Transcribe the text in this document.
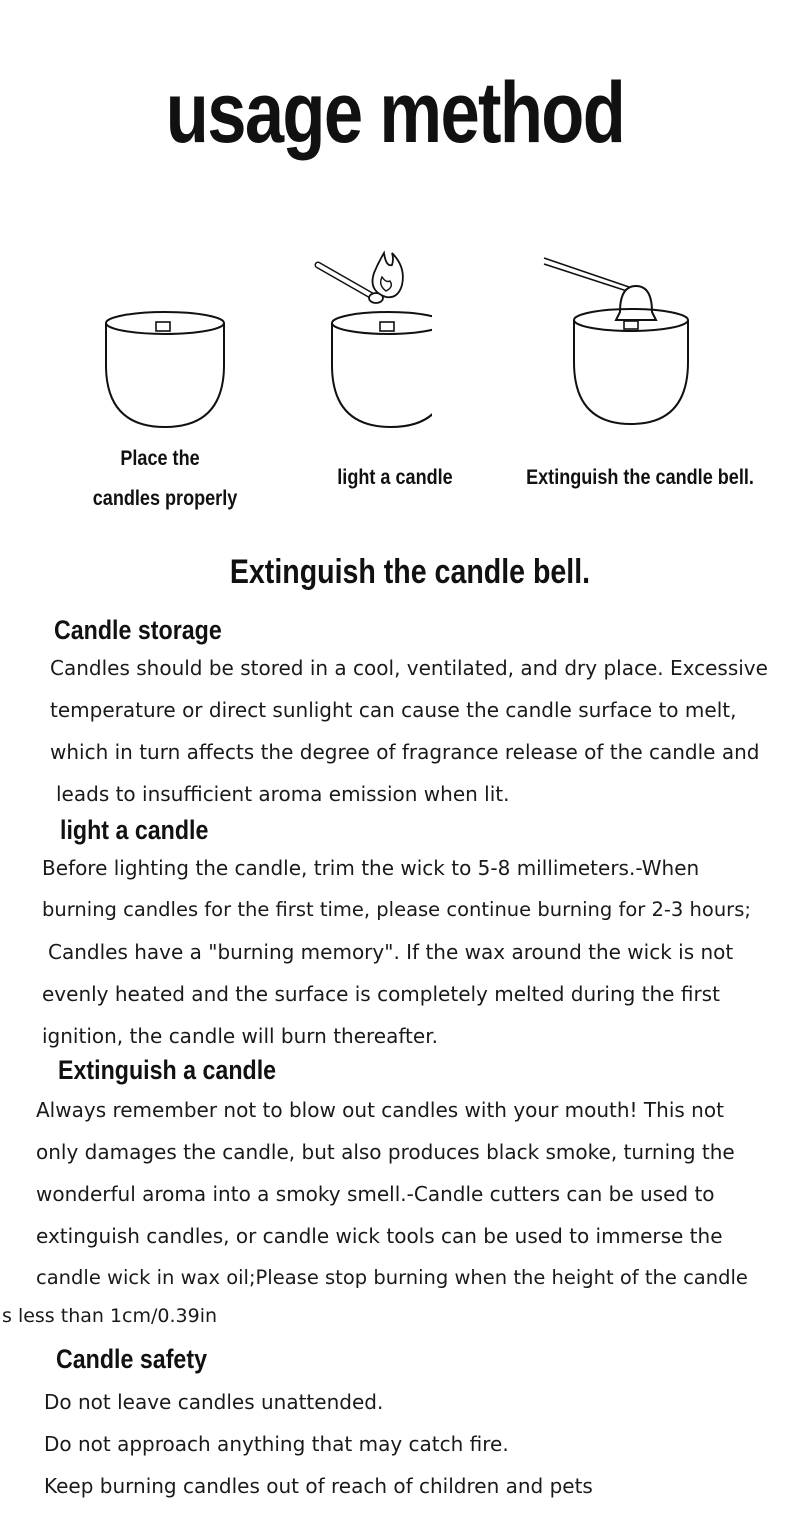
usage method
Place the
candles properly
light a candle	Extinguish the candle bell.
Extinguish the candle bell.
Candle storage
Candles should be stored in a cool, ventilated, and dry place. Excessive
temperature or direct sunlight can cause the candle surface to melt,
which in turn affects the degree of fragrance release of the candle and
leads to insufficient aroma emission when lit.
light a candle
Before lighting the candle, trim the wick to 5-8 millimeters.-When
burning candles for the first time, please continue burning for 2-3 hours;
Candles have a "burning memory". If the wax around the wick is not
evenly heated and the surface is completely melted during the first
ignition, the candle will burn thereafter.
Extinguish a candle
Always remember not to blow out candles with your mouth! This not
only damages the candle, but also produces black smoke, turning the
wonderful aroma into a smoky smell.-Candle cutters can be used to
extinguish candles, or candle wick tools can be used to immerse the
candle wick in wax oil;Please stop burning when the height of the candle
s less than 1cm/0.39in
Candle safety
Do not leave candles unattended.
Do not approach anything that may catch fire.
Keep burning candles out of reach of children and pets
